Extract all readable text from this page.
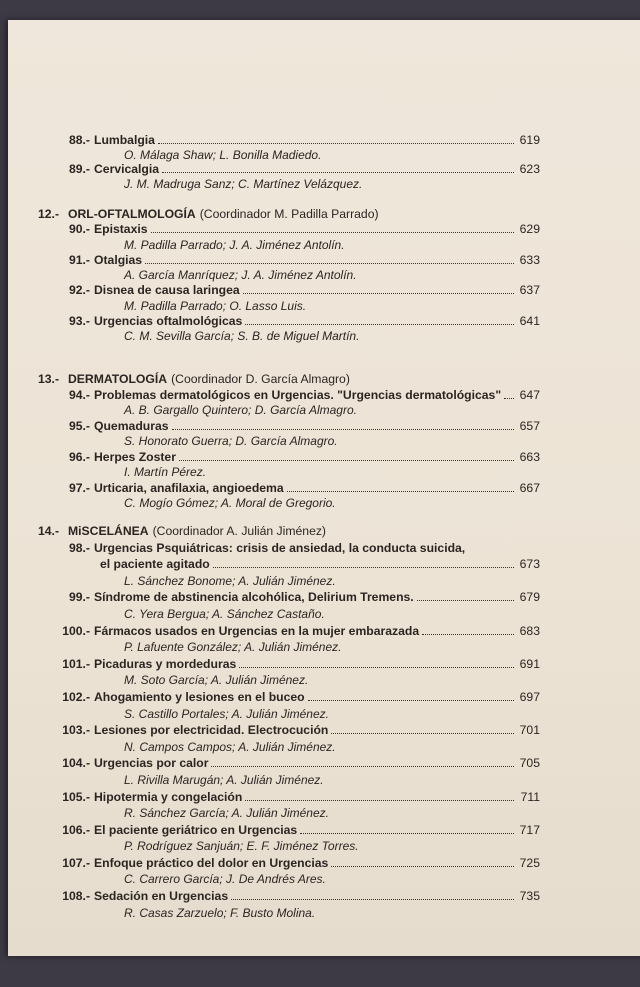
88.- Lumbalgia	619
O. Málaga Shaw; L. Bonilla Madiedo.
89.- Cervicalgia	623
J. M. Madruga Sanz; C. Martínez Velázquez.
12.- ORL-OFTALMOLOGÍA (Coordinador M. Padilla Parrado)
90.- Epistaxis	629
M. Padilla Parrado; J. A. Jiménez Antolín.
91.- Otalgias	633
A. García Manríquez; J. A. Jiménez Antolín.
92.- Disnea de causa laringea	637
M. Padilla Parrado; O. Lasso Luis.
93.- Urgencias oftalmológicas	641
C. M. Sevilla García; S. B. de Miguel Martín.
13.- DERMATOLOGÍA (Coordinador D. García Almagro)
94.- Problemas dermatológicos en Urgencias. "Urgencias dermatológicas" 647
A. B. Gargallo Quintero; D. García Almagro.
95.- Quemaduras	657
S. Honorato Guerra; D. García Almagro.
96.- Herpes Zoster	663
I. Martín Pérez.
97.- Urticaria, anafilaxia, angioedema	667
C. Mogío Gómez; A. Moral de Gregorio.
14.- MiSCELÁNEA (Coordinador A. Julián Jiménez)
98.- Urgencias Psquiátricas: crisis de ansiedad, la conducta suicida,
el paciente agitado	673
L. Sánchez Bonome; A. Julián Jiménez.
99.- Síndrome de abstinencia alcohólica, Delirium Tremens.	679
C. Yera Bergua; A. Sánchez Castaño.
100.- Fármacos usados en Urgencias en la mujer embarazada	683
P. Lafuente González; A. Julián Jiménez.
101.- Picaduras y mordeduras	691
M. Soto García; A. Julián Jiménez.
102.- Ahogamiento y lesiones en el buceo	697
S. Castillo Portales; A. Julián Jiménez.
103.- Lesiones por electricidad. Electrocución	701
N. Campos Campos; A. Julián Jiménez.
104.- Urgencias por calor	705
L. Rivilla Marugán; A. Julián Jiménez.
105.- Hipotermia y congelación	711
R. Sánchez García; A. Julián Jiménez.
106.- El paciente geriátrico en Urgencias	717
P. Rodríguez Sanjuán; E. F. Jiménez Torres.
107.- Enfoque práctico del dolor en Urgencias	725
C. Carrero García; J. De Andrés Ares.
108.- Sedación en Urgencias	735
R. Casas Zarzuelo; F. Busto Molina.
